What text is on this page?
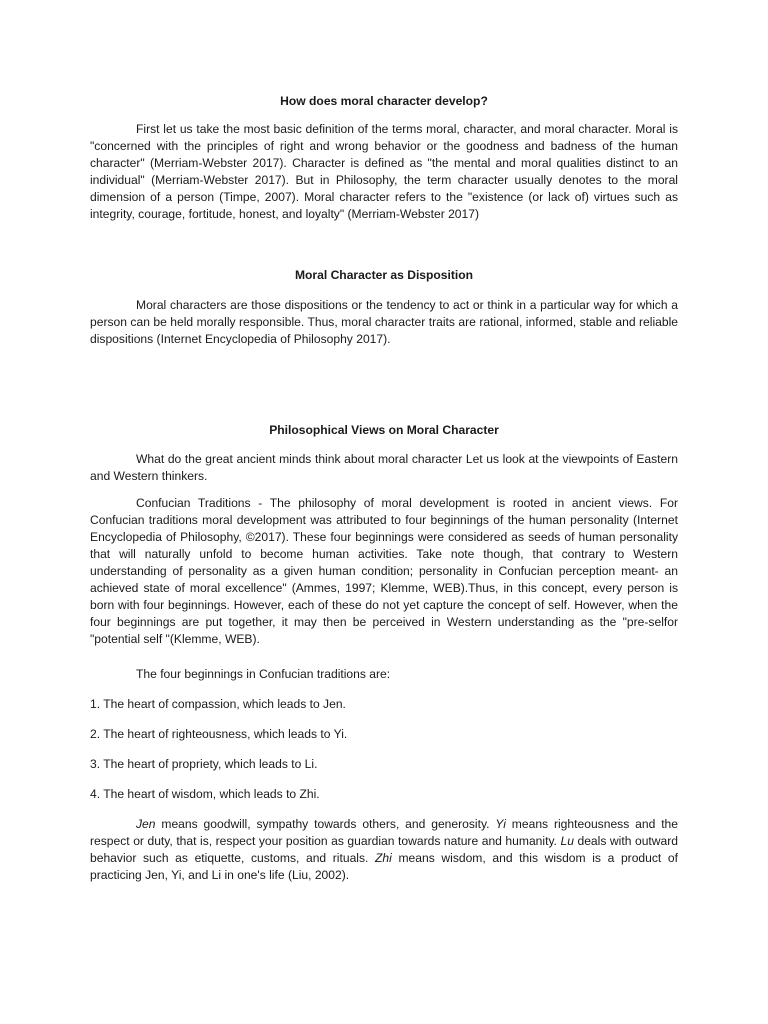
How does moral character develop?

First let us take the most basic definition of the terms moral, character, and moral character. Moral is "concerned with the principles of right and wrong behavior or the goodness and badness of the human character" (Merriam-Webster 2017). Character is defined as "the mental and moral qualities distinct to an individual" (Merriam-Webster 2017). But in Philosophy, the term character usually denotes to the moral dimension of a person (Timpe, 2007). Moral character refers to the "existence (or lack of) virtues such as integrity, courage, fortitude, honest, and loyalty" (Merriam-Webster 2017)

Moral Character as Disposition

Moral characters are those dispositions or the tendency to act or think in a particular way for which a person can be held morally responsible. Thus, moral character traits are rational, informed, stable and reliable dispositions (Internet Encyclopedia of Philosophy 2017).

Philosophical Views on Moral Character

What do the great ancient minds think about moral character Let us look at the viewpoints of Eastern and Western thinkers.

Confucian Traditions - The philosophy of moral development is rooted in ancient views. For Confucian traditions moral development was attributed to four beginnings of the human personality (Internet Encyclopedia of Philosophy, ©2017). These four beginnings were considered as seeds of human personality that will naturally unfold to become human activities. Take note though, that contrary to Western understanding of personality as a given human condition; personality in Confucian perception meant- an achieved state of moral excellence" (Ammes, 1997; Klemme, WEB).Thus, in this concept, every person is born with four beginnings. However, each of these do not yet capture the concept of self. However, when the four beginnings are put together, it may then be perceived in Western understanding as the "pre-selfor "potential self "(Klemme, WEB).

The four beginnings in Confucian traditions are:

1. The heart of compassion, which leads to Jen.

2. The heart of righteousness, which leads to Yi.

3. The heart of propriety, which leads to Li.

4. The heart of wisdom, which leads to Zhi.

Jen means goodwill, sympathy towards others, and generosity. Yi means righteousness and the respect or duty, that is, respect your position as guardian towards nature and humanity. Lu deals with outward behavior such as etiquette, customs, and rituals. Zhi means wisdom, and this wisdom is a product of practicing Jen, Yi, and Li in one's life (Liu, 2002).
